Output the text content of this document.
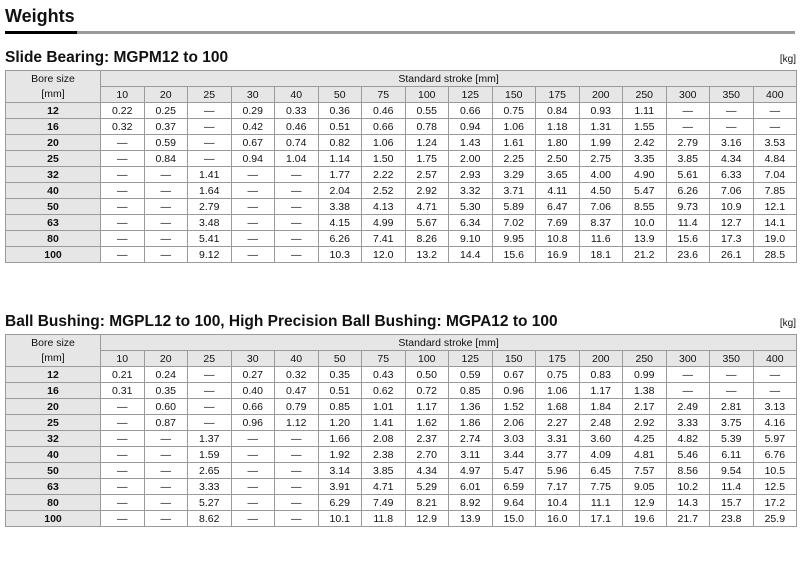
Weights
Slide Bearing: MGPM12 to 100	[kg]
Bore size
[mm]	Standard stroke [mm]															
	10	20	25	30	40	50	75	100	125	150	175	200	250	300	350	400
12	0.22	0.25	—	0.29	0.33	0.36	0.46	0.55	0.66	0.75	0.84	0.93	1.11	—	—	—
16	0.32	0.37	—	0.42	0.46	0.51	0.66	0.78	0.94	1.06	1.18	1.31	1.55	—	—	—
20	—	0.59	—	0.67	0.74	0.82	1.06	1.24	1.43	1.61	1.80	1.99	2.42	2.79	3.16	3.53
25	—	0.84	—	0.94	1.04	1.14	1.50	1.75	2.00	2.25	2.50	2.75	3.35	3.85	4.34	4.84
32	—	—	1.41	—	—	1.77	2.22	2.57	2.93	3.29	3.65	4.00	4.90	5.61	6.33	7.04
40	—	—	1.64	—	—	2.04	2.52	2.92	3.32	3.71	4.11	4.50	5.47	6.26	7.06	7.85
50	—	—	2.79	—	—	3.38	4.13	4.71	5.30	5.89	6.47	7.06	8.55	9.73	10.9	12.1
63	—	—	3.48	—	—	4.15	4.99	5.67	6.34	7.02	7.69	8.37	10.0	11.4	12.7	14.1
80	—	—	5.41	—	—	6.26	7.41	8.26	9.10	9.95	10.8	11.6	13.9	15.6	17.3	19.0
100	—	—	9.12	—	—	10.3	12.0	13.2	14.4	15.6	16.9	18.1	21.2	23.6	26.1	28.5
Ball Bushing: MGPL12 to 100, High Precision Ball Bushing: MGPA12 to 100	[kg]
Bore size
[mm]	Standard stroke [mm]															
	10	20	25	30	40	50	75	100	125	150	175	200	250	300	350	400
12	0.21	0.24	—	0.27	0.32	0.35	0.43	0.50	0.59	0.67	0.75	0.83	0.99	—	—	—
16	0.31	0.35	—	0.40	0.47	0.51	0.62	0.72	0.85	0.96	1.06	1.17	1.38	—	—	—
20	—	0.60	—	0.66	0.79	0.85	1.01	1.17	1.36	1.52	1.68	1.84	2.17	2.49	2.81	3.13
25	—	0.87	—	0.96	1.12	1.20	1.41	1.62	1.86	2.06	2.27	2.48	2.92	3.33	3.75	4.16
32	—	—	1.37	—	—	1.66	2.08	2.37	2.74	3.03	3.31	3.60	4.25	4.82	5.39	5.97
40	—	—	1.59	—	—	1.92	2.38	2.70	3.11	3.44	3.77	4.09	4.81	5.46	6.11	6.76
50	—	—	2.65	—	—	3.14	3.85	4.34	4.97	5.47	5.96	6.45	7.57	8.56	9.54	10.5
63	—	—	3.33	—	—	3.91	4.71	5.29	6.01	6.59	7.17	7.75	9.05	10.2	11.4	12.5
80	—	—	5.27	—	—	6.29	7.49	8.21	8.92	9.64	10.4	11.1	12.9	14.3	15.7	17.2
100	—	—	8.62	—	—	10.1	11.8	12.9	13.9	15.0	16.0	17.1	19.6	21.7	23.8	25.9
